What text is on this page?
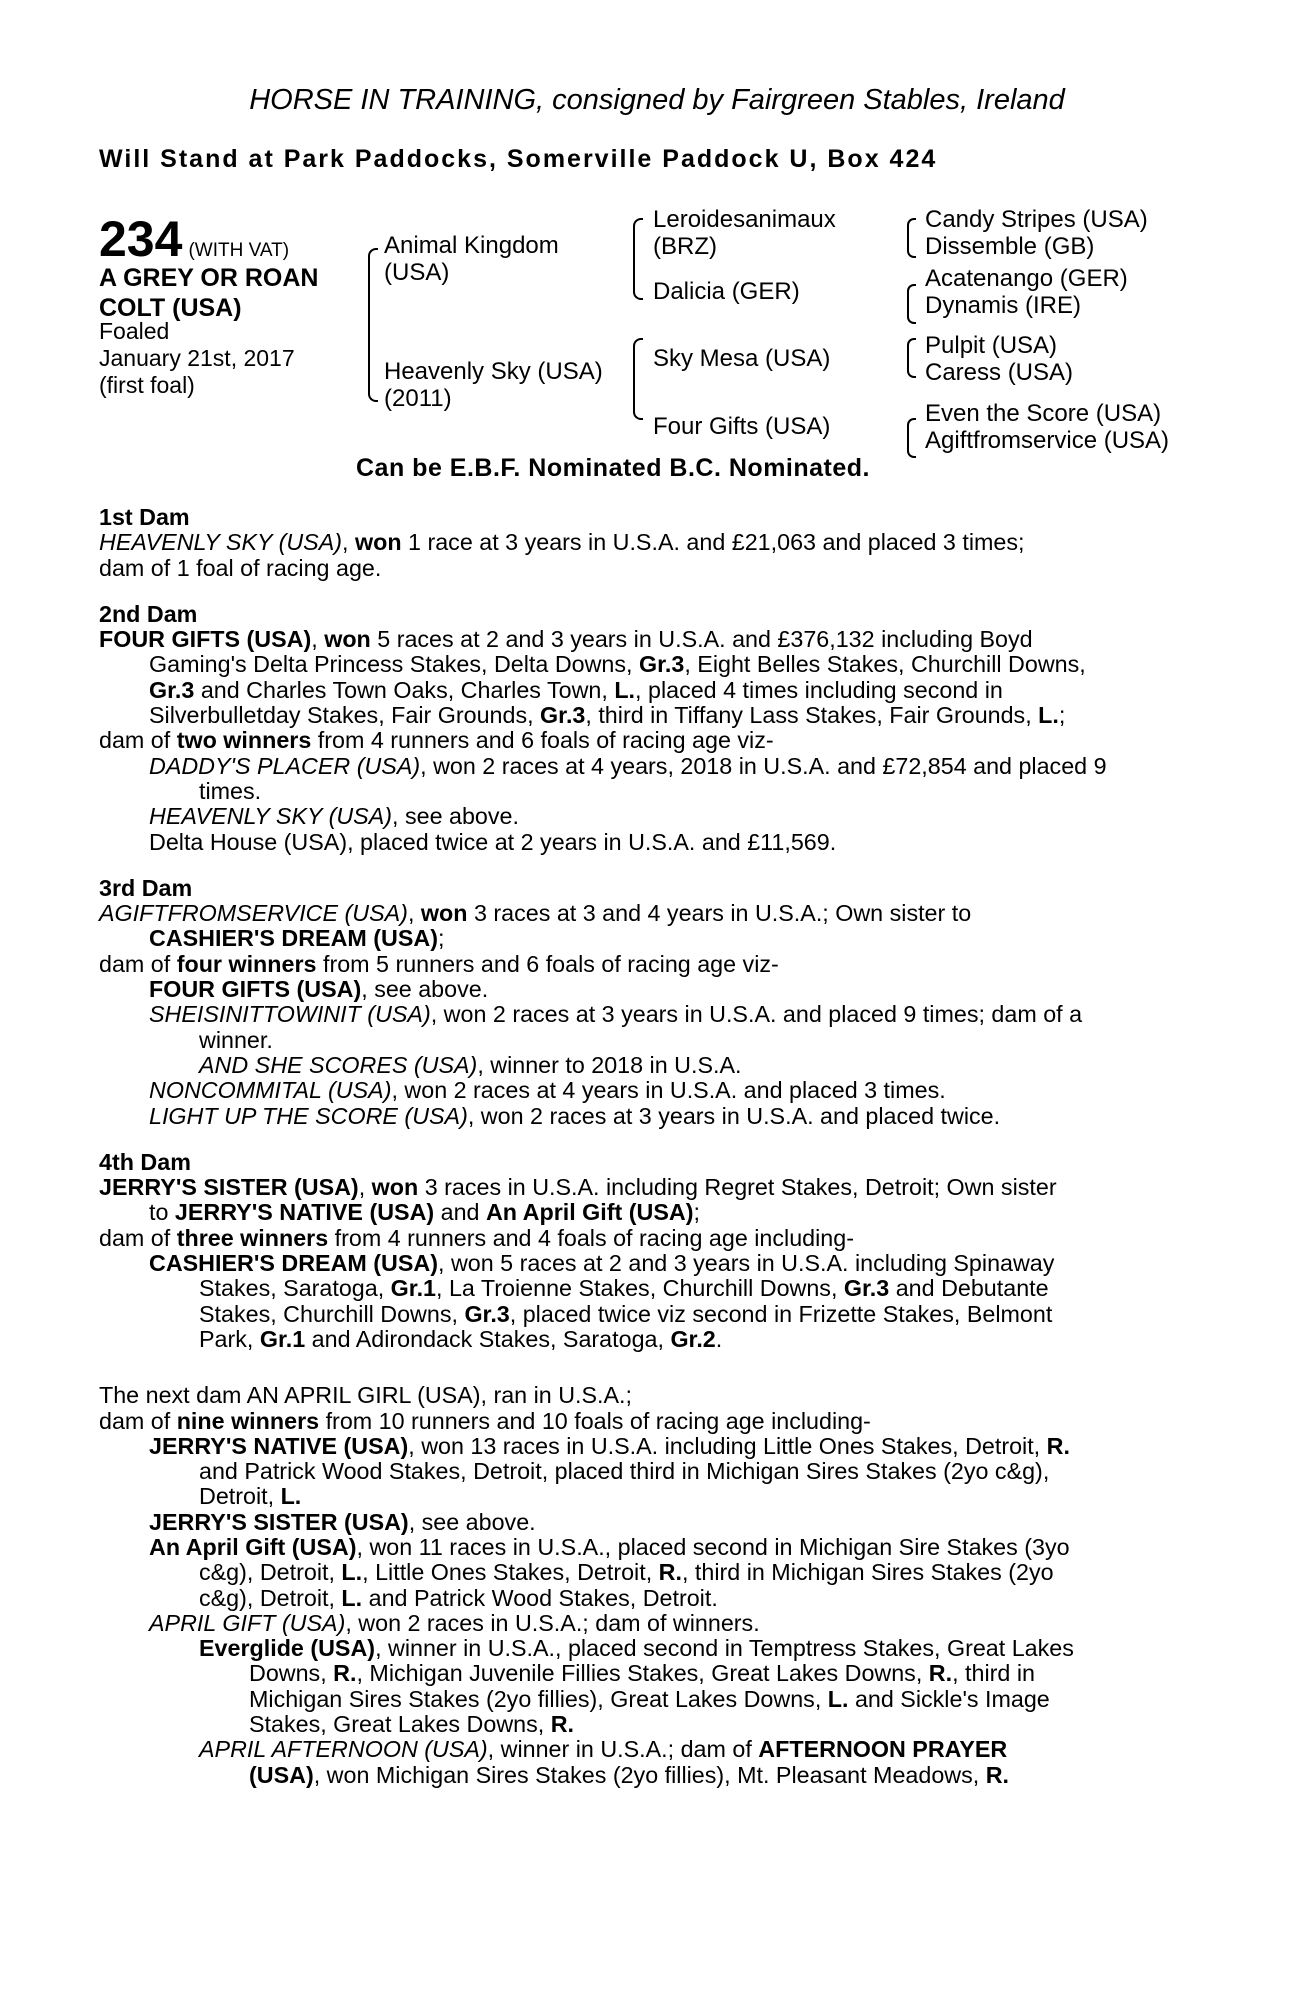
HORSE IN TRAINING, consigned by Fairgreen Stables, Ireland
Will Stand at Park Paddocks, Somerville Paddock U, Box 424
234 (WITH VAT)
A GREY OR ROAN
COLT (USA)
Foaled
January 21st, 2017
(first foal)
Animal Kingdom
(USA)
Heavenly Sky (USA)
(2011)
Leroidesanimaux
(BRZ)
Dalicia (GER)
Sky Mesa (USA)
Four Gifts (USA)
Candy Stripes (USA)
Dissemble (GB)
Acatenango (GER)
Dynamis (IRE)
Pulpit (USA)
Caress (USA)
Even the Score (USA)
Agiftfromservice (USA)
Can be E.B.F. Nominated B.C. Nominated.
1st Dam
HEAVENLY SKY (USA), won 1 race at 3 years in U.S.A. and £21,063 and placed 3 times;
dam of 1 foal of racing age.
2nd Dam
FOUR GIFTS (USA), won 5 races at 2 and 3 years in U.S.A. and £376,132 including Boyd
Gaming's Delta Princess Stakes, Delta Downs, Gr.3, Eight Belles Stakes, Churchill Downs,
Gr.3 and Charles Town Oaks, Charles Town, L., placed 4 times including second in
Silverbulletday Stakes, Fair Grounds, Gr.3, third in Tiffany Lass Stakes, Fair Grounds, L.;
dam of two winners from 4 runners and 6 foals of racing age viz-
DADDY'S PLACER (USA), won 2 races at 4 years, 2018 in U.S.A. and £72,854 and placed 9
times.
HEAVENLY SKY (USA), see above.
Delta House (USA), placed twice at 2 years in U.S.A. and £11,569.
3rd Dam
AGIFTFROMSERVICE (USA), won 3 races at 3 and 4 years in U.S.A.; Own sister to
CASHIER'S DREAM (USA);
dam of four winners from 5 runners and 6 foals of racing age viz-
FOUR GIFTS (USA), see above.
SHEISINITTOWINIT (USA), won 2 races at 3 years in U.S.A. and placed 9 times; dam of a
winner.
AND SHE SCORES (USA), winner to 2018 in U.S.A.
NONCOMMITAL (USA), won 2 races at 4 years in U.S.A. and placed 3 times.
LIGHT UP THE SCORE (USA), won 2 races at 3 years in U.S.A. and placed twice.
4th Dam
JERRY'S SISTER (USA), won 3 races in U.S.A. including Regret Stakes, Detroit; Own sister
to JERRY'S NATIVE (USA) and An April Gift (USA);
dam of three winners from 4 runners and 4 foals of racing age including-
CASHIER'S DREAM (USA), won 5 races at 2 and 3 years in U.S.A. including Spinaway
Stakes, Saratoga, Gr.1, La Troienne Stakes, Churchill Downs, Gr.3 and Debutante
Stakes, Churchill Downs, Gr.3, placed twice viz second in Frizette Stakes, Belmont
Park, Gr.1 and Adirondack Stakes, Saratoga, Gr.2.
The next dam AN APRIL GIRL (USA), ran in U.S.A.;
dam of nine winners from 10 runners and 10 foals of racing age including-
JERRY'S NATIVE (USA), won 13 races in U.S.A. including Little Ones Stakes, Detroit, R.
and Patrick Wood Stakes, Detroit, placed third in Michigan Sires Stakes (2yo c&g),
Detroit, L.
JERRY'S SISTER (USA), see above.
An April Gift (USA), won 11 races in U.S.A., placed second in Michigan Sire Stakes (3yo
c&g), Detroit, L., Little Ones Stakes, Detroit, R., third in Michigan Sires Stakes (2yo
c&g), Detroit, L. and Patrick Wood Stakes, Detroit.
APRIL GIFT (USA), won 2 races in U.S.A.; dam of winners.
Everglide (USA), winner in U.S.A., placed second in Temptress Stakes, Great Lakes
Downs, R., Michigan Juvenile Fillies Stakes, Great Lakes Downs, R., third in
Michigan Sires Stakes (2yo fillies), Great Lakes Downs, L. and Sickle's Image
Stakes, Great Lakes Downs, R.
APRIL AFTERNOON (USA), winner in U.S.A.; dam of AFTERNOON PRAYER
(USA), won Michigan Sires Stakes (2yo fillies), Mt. Pleasant Meadows, R.
